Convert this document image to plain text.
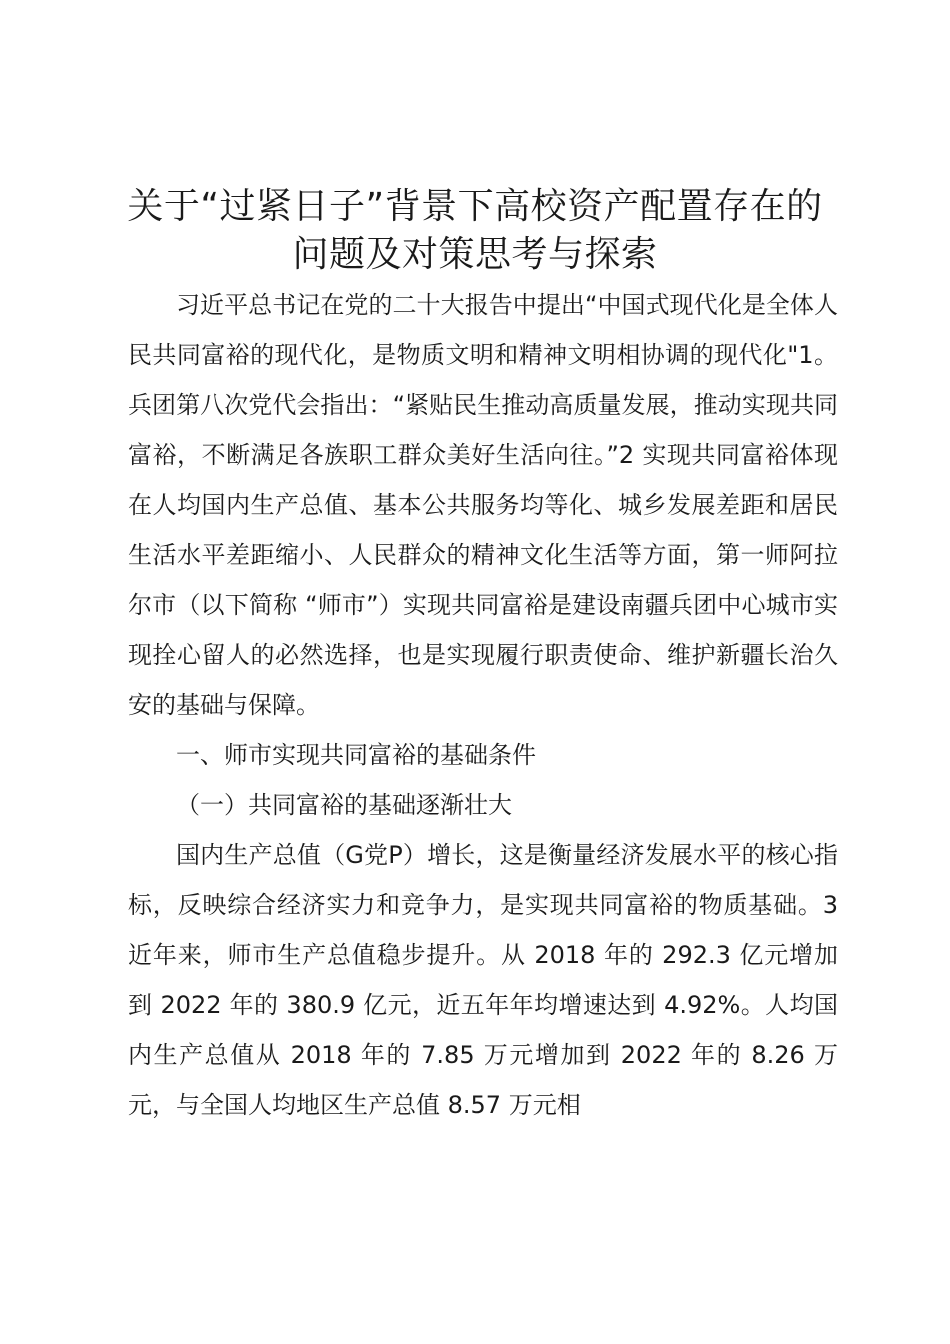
关于“过紧日子”背景下高校资产配置存在的
问题及对策思考与探索

习近平总书记在党的二十大报告中提出“中国式现代化是全体人民共同富裕的现代化，是物质文明和精神文明相协调的现代化"1。兵团第八次党代会指出：“紧贴民生推动高质量发展，推动实现共同富裕，不断满足各族职工群众美好生活向往。”2 实现共同富裕体现在人均国内生产总值、基本公共服务均等化、城乡发展差距和居民生活水平差距缩小、人民群众的精神文化生活等方面，第一师阿拉尔市（以下简称 “师市”）实现共同富裕是建设南疆兵团中心城市实现拴心留人的必然选择，也是实现履行职责使命、维护新疆长治久安的基础与保障。

一、师市实现共同富裕的基础条件

（一）共同富裕的基础逐渐壮大

国内生产总值（G党P）增长，这是衡量经济发展水平的核心指标，反映综合经济实力和竞争力，是实现共同富裕的物质基础。3 近年来，师市生产总值稳步提升。从 2018 年的 292.3 亿元增加到 2022 年的 380.9 亿元，近五年年均增速达到 4.92%。人均国内生产总值从 2018 年的 7.85 万元增加到 2022 年的 8.26 万元，与全国人均地区生产总值 8.57 万元相
